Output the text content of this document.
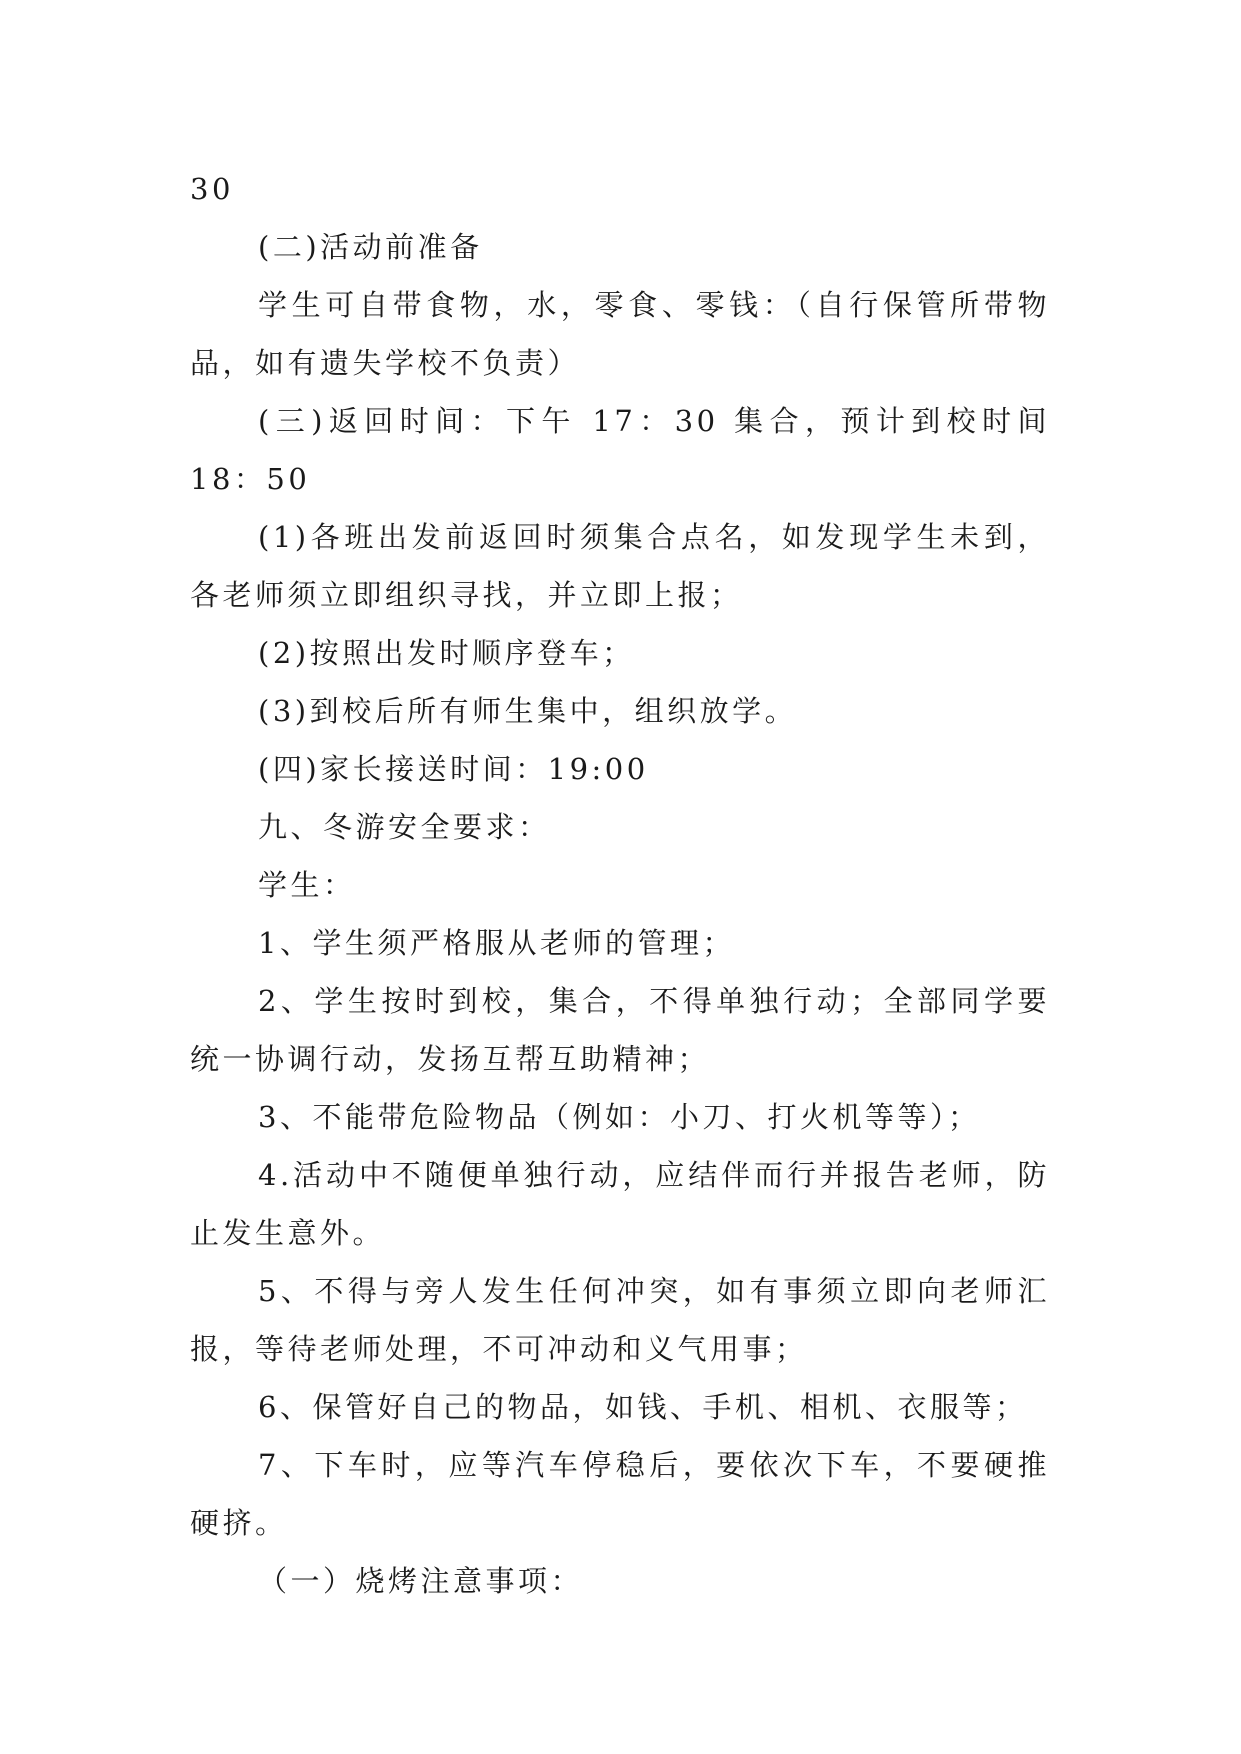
30

(二)活动前准备

学生可自带食物，水，零食、零钱：（自行保管所带物品，如有遗失学校不负责）

(三)返回时间：下午 17：30 集合，预计到校时间 18：50

(1)各班出发前返回时须集合点名，如发现学生未到，各老师须立即组织寻找，并立即上报；

(2)按照出发时顺序登车；

(3)到校后所有师生集中，组织放学。

(四)家长接送时间：19:00

九、冬游安全要求：

学生：

1、学生须严格服从老师的管理；

2、学生按时到校，集合，不得单独行动；全部同学要统一协调行动，发扬互帮互助精神；

3、不能带危险物品（例如：小刀、打火机等等）；

4.活动中不随便单独行动，应结伴而行并报告老师，防止发生意外。

5、不得与旁人发生任何冲突，如有事须立即向老师汇报，等待老师处理，不可冲动和义气用事；

6、保管好自己的物品，如钱、手机、相机、衣服等；

7、下车时，应等汽车停稳后，要依次下车，不要硬推硬挤。

（一）烧烤注意事项：
